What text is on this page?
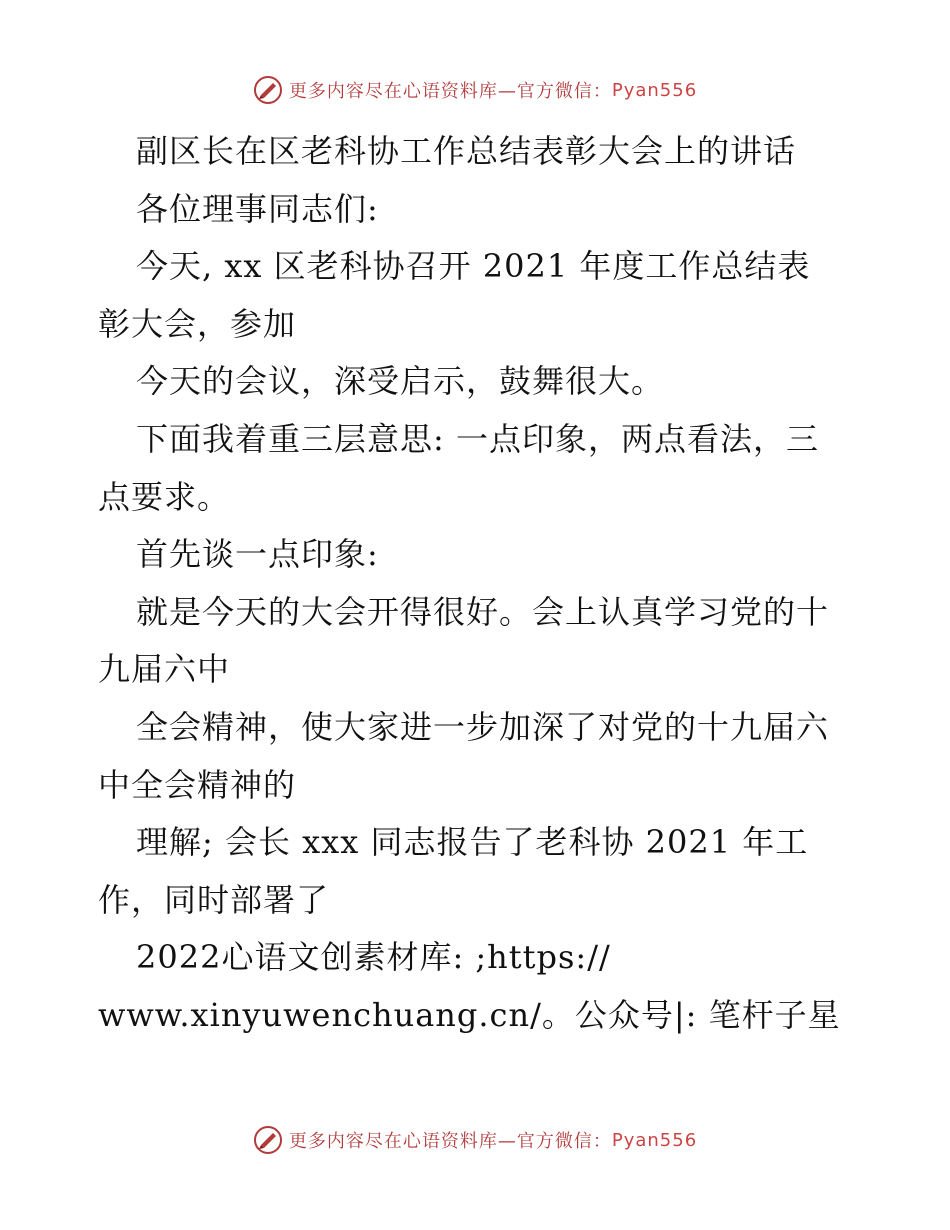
更多内容尽在心语资料库—官方微信： Pyan556
副区长在区老科协工作总结表彰大会上的讲话
各位理事同志们:
今天, xx 区老科协召开 2021 年度工作总结表
彰大会，参加
今天的会议，深受启示，鼓舞很大。
下面我着重三层意思: 一点印象，两点看法，三
点要求。
首先谈一点印象:
就是今天的大会开得很好。会上认真学习党的十
九届六中
全会精神，使大家进一步加深了对党的十九届六
中全会精神的
理解; 会长 xxx 同志报告了老科协 2021 年工
作，同时部署了
2022心语文创素材库: ;https://
www.xinyuwenchuang.cn/。公众号|: 笔杆子星
更多内容尽在心语资料库—官方微信： Pyan556
